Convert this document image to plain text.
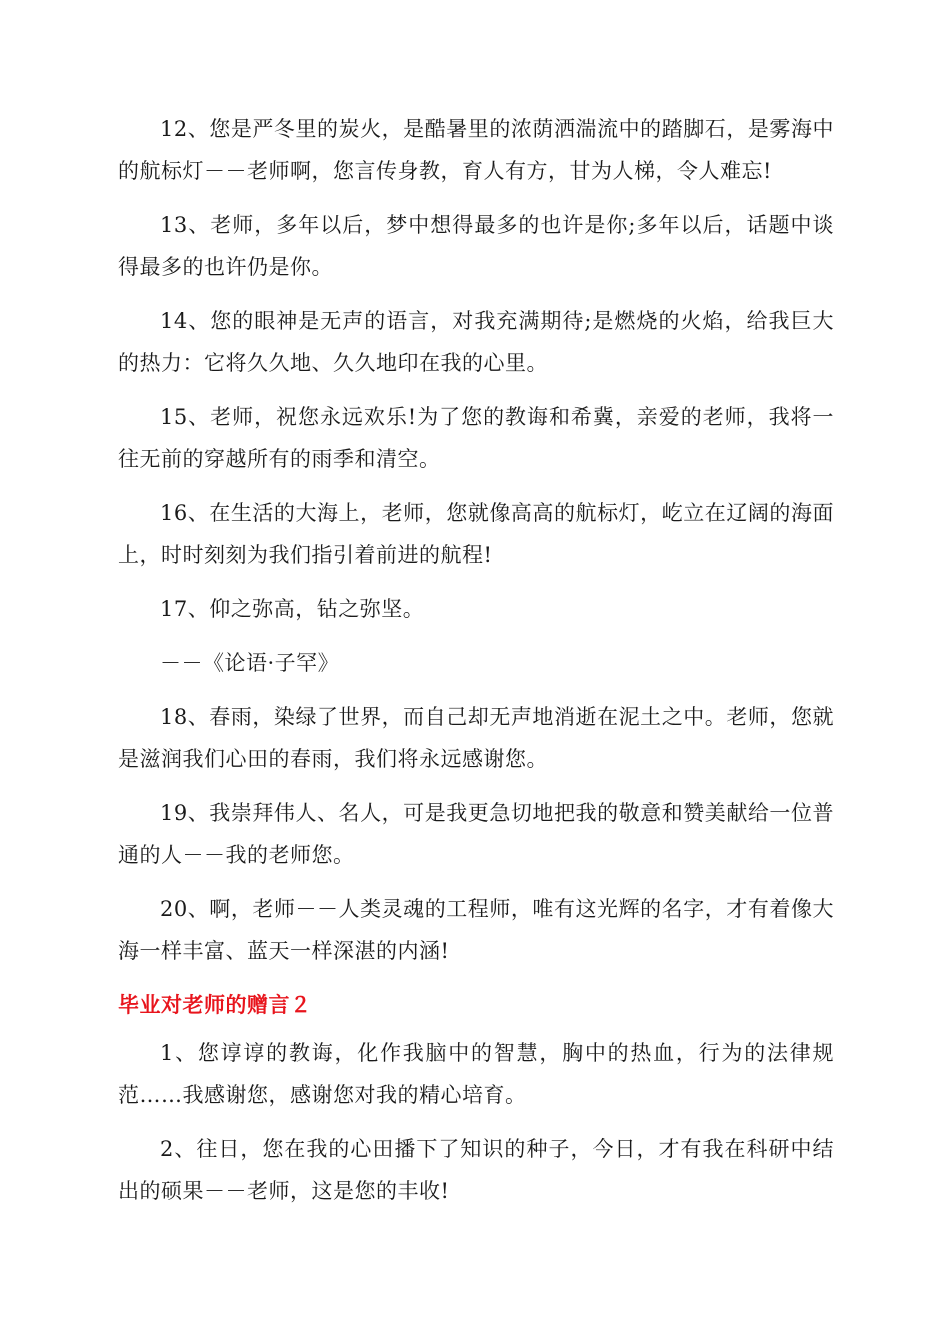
12、您是严冬里的炭火，是酷暑里的浓荫洒湍流中的踏脚石，是雾海中的航标灯－－老师啊，您言传身教，育人有方，甘为人梯，令人难忘!

13、老师，多年以后，梦中想得最多的也许是你;多年以后，话题中谈得最多的也许仍是你。

14、您的眼神是无声的语言，对我充满期待;是燃烧的火焰，给我巨大的热力：它将久久地、久久地印在我的心里。

15、老师，祝您永远欢乐!为了您的教诲和希冀，亲爱的老师，我将一往无前的穿越所有的雨季和清空。

16、在生活的大海上，老师，您就像高高的航标灯，屹立在辽阔的海面上，时时刻刻为我们指引着前进的航程!

17、仰之弥高，钻之弥坚。

－－《论语·子罕》

18、春雨，染绿了世界，而自己却无声地消逝在泥土之中。老师，您就是滋润我们心田的春雨，我们将永远感谢您。

19、我崇拜伟人、名人，可是我更急切地把我的敬意和赞美献给一位普通的人－－我的老师您。

20、啊，老师－－人类灵魂的工程师，唯有这光辉的名字，才有着像大海一样丰富、蓝天一样深湛的内涵!

毕业对老师的赠言２

1、您谆谆的教诲，化作我脑中的智慧，胸中的热血，行为的法律规范……我感谢您，感谢您对我的精心培育。

2、往日，您在我的心田播下了知识的种子，今日，才有我在科研中结出的硕果－－老师，这是您的丰收!
